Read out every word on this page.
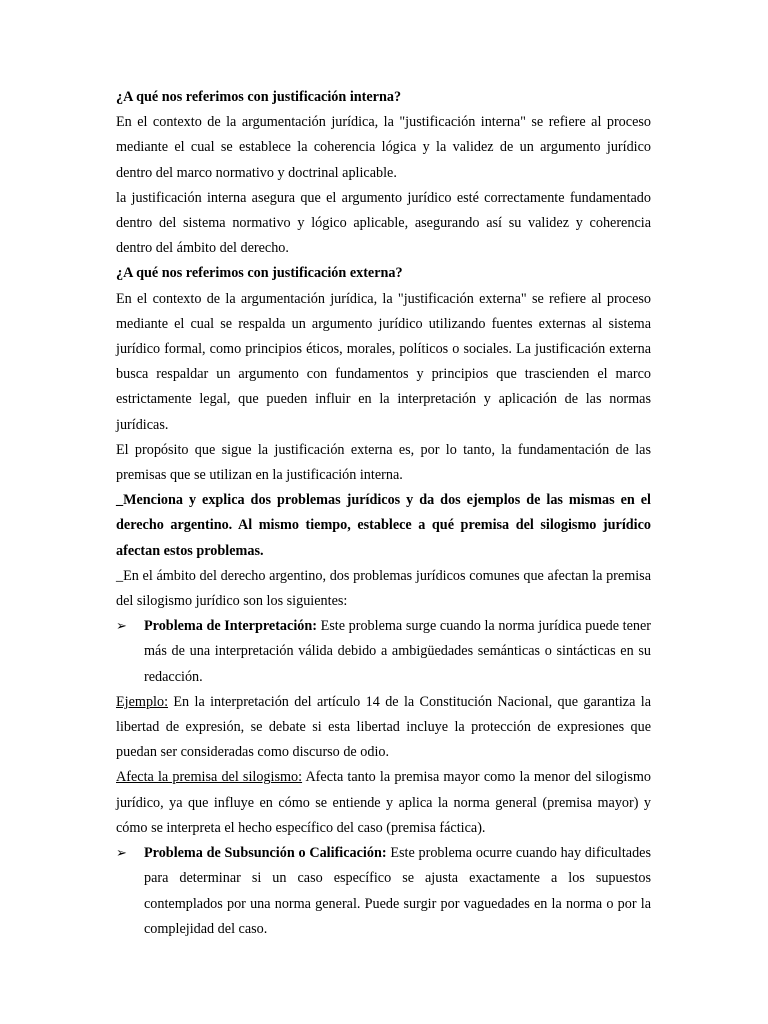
¿A qué nos referimos con justificación interna?

En el contexto de la argumentación jurídica, la "justificación interna" se refiere al proceso mediante el cual se establece la coherencia lógica y la validez de un argumento jurídico dentro del marco normativo y doctrinal aplicable.

la justificación interna asegura que el argumento jurídico esté correctamente fundamentado dentro del sistema normativo y lógico aplicable, asegurando así su validez y coherencia dentro del ámbito del derecho.

¿A qué nos referimos con justificación externa?

En el contexto de la argumentación jurídica, la "justificación externa" se refiere al proceso mediante el cual se respalda un argumento jurídico utilizando fuentes externas al sistema jurídico formal, como principios éticos, morales, políticos o sociales. La justificación externa busca respaldar un argumento con fundamentos y principios que trascienden el marco estrictamente legal, que pueden influir en la interpretación y aplicación de las normas jurídicas.

El propósito que sigue la justificación externa es, por lo tanto, la fundamentación de las premisas que se utilizan en la justificación interna.

_Menciona y explica dos problemas jurídicos y da dos ejemplos de las mismas en el derecho argentino. Al mismo tiempo, establece a qué premisa del silogismo jurídico afectan estos problemas.

_En el ámbito del derecho argentino, dos problemas jurídicos comunes que afectan la premisa del silogismo jurídico son los siguientes:

➢ Problema de Interpretación: Este problema surge cuando la norma jurídica puede tener más de una interpretación válida debido a ambigüedades semánticas o sintácticas en su redacción.

Ejemplo: En la interpretación del artículo 14 de la Constitución Nacional, que garantiza la libertad de expresión, se debate si esta libertad incluye la protección de expresiones que puedan ser consideradas como discurso de odio.

Afecta la premisa del silogismo: Afecta tanto la premisa mayor como la menor del silogismo jurídico, ya que influye en cómo se entiende y aplica la norma general (premisa mayor) y cómo se interpreta el hecho específico del caso (premisa fáctica).

➢ Problema de Subsunción o Calificación: Este problema ocurre cuando hay dificultades para determinar si un caso específico se ajusta exactamente a los supuestos contemplados por una norma general. Puede surgir por vaguedades en la norma o por la complejidad del caso.
